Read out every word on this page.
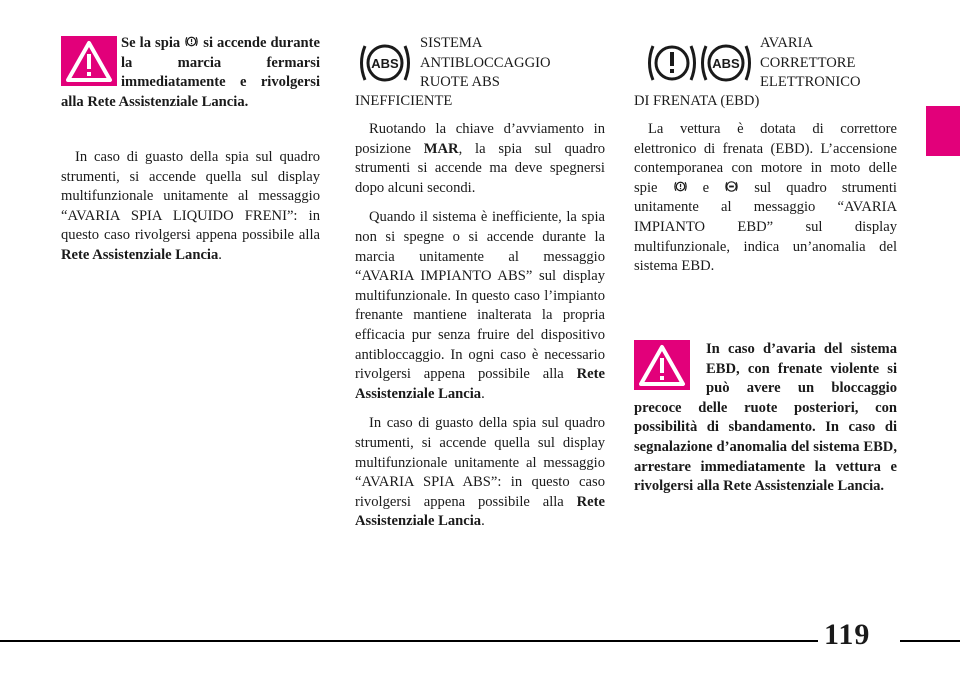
Se la spia si accende durante la marcia fermarsi immediatamente e rivolgersi alla Rete Assistenziale Lancia.

In caso di guasto della spia sul quadro strumenti, si accende quella sul display multifunzionale unitamente al messaggio “AVARIA SPIA LIQUIDO FRENI”: in questo caso rivolgersi appena possibile alla Rete Assistenziale Lancia.

ABS
SISTEMA
ANTIBLOCCAGGIO
RUOTE ABS
INEFFICIENTE

Ruotando la chiave d’avviamento in posizione MAR, la spia sul quadro strumenti si accende ma deve spegnersi dopo alcuni secondi.

Quando il sistema è inefficiente, la spia non si spegne o si accende durante la marcia unitamente al messaggio “AVARIA IMPIANTO ABS” sul display multifunzionale. In questo caso l’impianto frenante mantiene inalterata la propria efficacia pur senza fruire del dispositivo antibloccaggio. In ogni caso è necessario rivolgersi appena possibile alla Rete Assistenziale Lancia.

In caso di guasto della spia sul quadro strumenti, si accende quella sul display multifunzionale unitamente al messaggio “AVARIA SPIA ABS”: in questo caso rivolgersi appena possibile alla Rete Assistenziale Lancia.

ABS
AVARIA
CORRETTORE
ELETTRONICO
DI FRENATA (EBD)

La vettura è dotata di correttore elettronico di frenata (EBD). L’accensione contemporanea con motore in moto delle spie	e	sul quadro strumenti unitamente al messaggio “AVARIA IMPIANTO EBD” sul display multifunzionale, indica un’anomalia del sistema EBD.

In caso d’avaria del sistema EBD, con frenate violente si può avere un bloccaggio precoce delle ruote posteriori, con possibilità di sbandamento. In caso di segnalazione d’anomalia del sistema EBD, arrestare immediatamente la vettura e rivolgersi alla Rete Assistenziale Lancia.
119
